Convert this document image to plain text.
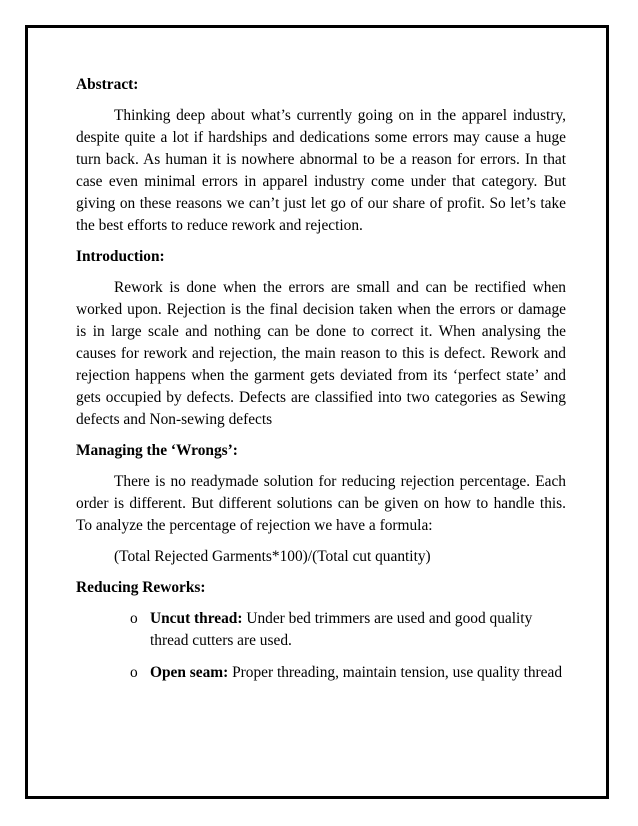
Abstract:

Thinking deep about what’s currently going on in the apparel industry, despite quite a lot if hardships and dedications some errors may cause a huge turn back. As human it is nowhere abnormal to be a reason for errors. In that case even minimal errors in apparel industry come under that category. But giving on these reasons we can’t just let go of our share of profit. So let’s take the best efforts to reduce rework and rejection.

Introduction:

Rework is done when the errors are small and can be rectified when worked upon. Rejection is the final decision taken when the errors or damage is in large scale and nothing can be done to correct it. When analysing the causes for rework and rejection, the main reason to this is defect. Rework and rejection happens when the garment gets deviated from its ‘perfect state’ and gets occupied by defects. Defects are classified into two categories as Sewing defects and Non-sewing defects

Managing the ‘Wrongs’:

There is no readymade solution for reducing rejection percentage. Each order is different. But different solutions can be given on how to handle this. To analyze the percentage of rejection we have a formula:

(Total Rejected Garments*100)/(Total cut quantity)
Reducing Reworks:
o Uncut thread: Under bed trimmers are used and good quality thread cutters are used.
o Open seam: Proper threading, maintain tension, use quality thread
